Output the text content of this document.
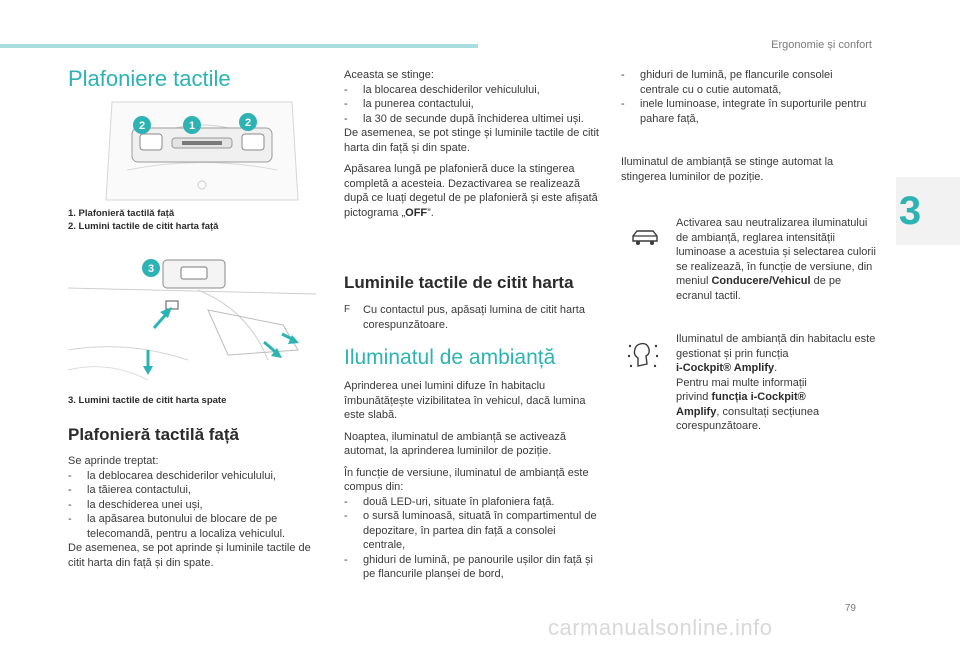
Ergonomie și confort
3
Plafoniere tactile
2	1	2
1. Plafonieră tactilă față
2. Lumini tactile de citit harta față
3
3. Lumini tactile de citit harta spate
Plafonieră tactilă față
Se aprinde treptat:
- la deblocarea deschiderilor vehiculului,
- la tăierea contactului,
- la deschiderea unei uși,
- la apăsarea butonului de blocare de pe telecomandă, pentru a localiza vehiculul.
De asemenea, se pot aprinde și luminile tactile de citit harta din față și din spate.
Aceasta se stinge:
- la blocarea deschiderilor vehiculului,
- la punerea contactului,
- la 30 de secunde după închiderea ultimei uși.
De asemenea, se pot stinge și luminile tactile de citit harta din față și din spate.
Apăsarea lungă pe plafonieră duce la stingerea completă a acesteia. Dezactivarea se realizează după ce luați degetul de pe plafonieră și este afișată pictograma „OFF”.
Luminile tactile de citit harta
F Cu contactul pus, apăsați lumina de citit harta corespunzătoare.
Iluminatul de ambianță
Aprinderea unei lumini difuze în habitaclu îmbunătățește vizibilitatea în vehicul, dacă lumina este slabă.
Noaptea, iluminatul de ambianță se activează automat, la aprinderea luminilor de poziție.
În funcție de versiune, iluminatul de ambianță este compus din:
- două LED-uri, situate în plafoniera față.
- o sursă luminoasă, situată în compartimentul de depozitare, în partea din față a consolei centrale,
- ghiduri de lumină, pe panourile ușilor din față și pe flancurile planșei de bord,
- ghiduri de lumină, pe flancurile consolei centrale cu o cutie automată,
- inele luminoase, integrate în suporturile pentru pahare față,
Iluminatul de ambianță se stinge automat la stingerea luminilor de poziție.
Activarea sau neutralizarea iluminatului de ambianță, reglarea intensității luminoase a acestuia și selectarea culorii se realizează, în funcție de versiune, din meniul Conducere/Vehicul de pe ecranul tactil.
Iluminatul de ambianță din habitaclu este gestionat și prin funcția
i-Cockpit® Amplify.
Pentru mai multe informații
privind funcția i-Cockpit®
Amplify, consultați secțiunea corespunzătoare.
79
carmanualsonline.info
